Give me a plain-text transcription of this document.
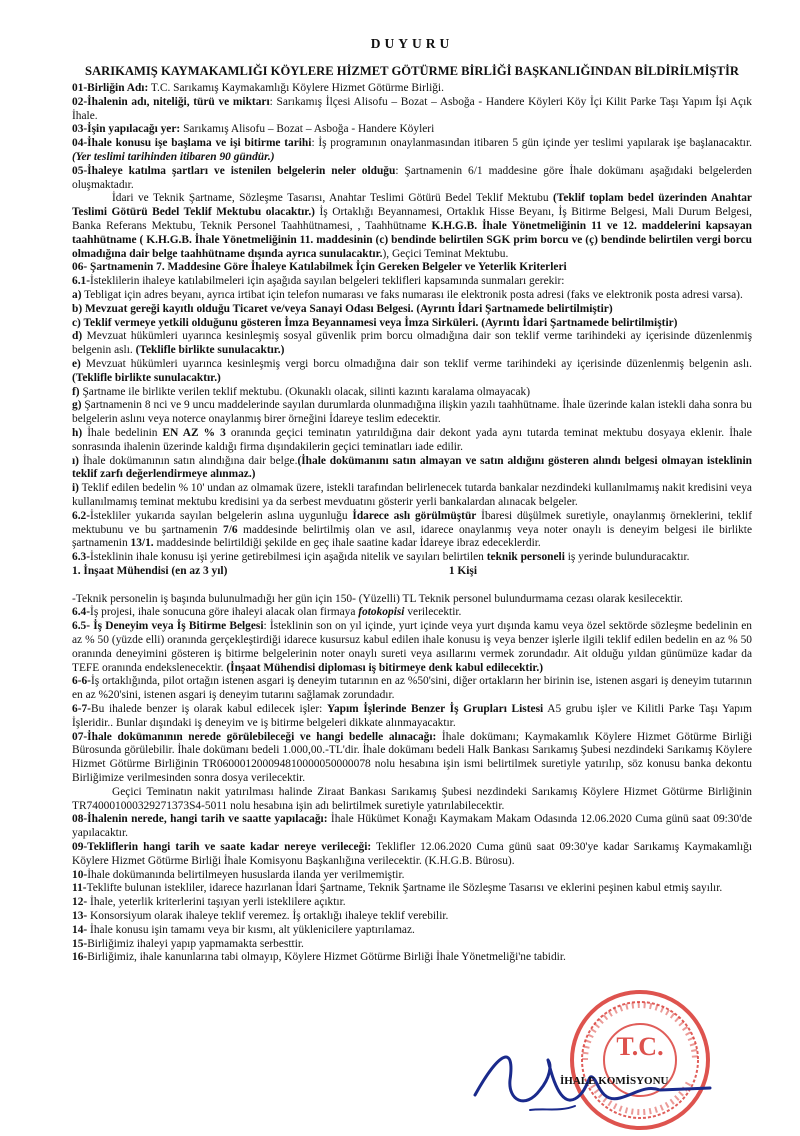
DUYURU
SARIKAMIŞ KAYMAKAMLIĞI KÖYLERE HİZMET GÖTÜRME BİRLİĞİ BAŞKANLIĞINDAN BİLDİRİLMİŞTİR

01-Birliğin Adı: T.C. Sarıkamış Kaymakamlığı Köylere Hizmet Götürme Birliği.

02-İhalenin adı, niteliği, türü ve miktarı: Sarıkamış İlçesi Alisofu – Bozat – Asboğa - Handere Köyleri Köy İçi Kilit Parke Taşı Yapım İşi Açık İhale.

03-İşin yapılacağı yer: Sarıkamış Alisofu – Bozat – Asboğa - Handere Köyleri

04-İhale konusu işe başlama ve işi bitirme tarihi: İş programının onaylanmasından itibaren 5 gün içinde yer teslimi yapılarak işe başlanacaktır. (Yer teslimi tarihinden itibaren 90 gündür.)

05-İhaleye katılma şartları ve istenilen belgelerin neler olduğu: Şartnamenin 6/1 maddesine göre İhale dokümanı aşağıdaki belgelerden oluşmaktadır.

İdari ve Teknik Şartname, Sözleşme Tasarısı, Anahtar Teslimi Götürü Bedel Teklif Mektubu (Teklif toplam bedel üzerinden Anahtar Teslimi Götürü Bedel Teklif Mektubu olacaktır.) İş Ortaklığı Beyannamesi, Ortaklık Hisse Beyanı, İş Bitirme Belgesi, Mali Durum Belgesi, Banka Referans Mektubu, Teknik Personel Taahhütnamesi, , Taahhütname K.H.G.B. İhale Yönetmeliğinin 11 ve 12. maddelerini kapsayan taahhütname ( K.H.G.B. İhale Yönetmeliğinin 11. maddesinin (c) bendinde belirtilen SGK prim borcu ve (ç) bendinde belirtilen vergi borcu olmadığına dair belge taahhütname dışında ayrıca sunulacaktır.), Geçici Teminat Mektubu.

06- Şartnamenin 7. Maddesine Göre İhaleye Katılabilmek İçin Gereken Belgeler ve Yeterlik Kriterleri

6.1-İsteklilerin ihaleye katılabilmeleri için aşağıda sayılan belgeleri teklifleri kapsamında sunmaları gerekir:

a) Tebligat için adres beyanı, ayrıca irtibat için telefon numarası ve faks numarası ile elektronik posta adresi (faks ve elektronik posta adresi varsa).

b) Mevzuat gereği kayıtlı olduğu Ticaret ve/veya Sanayi Odası Belgesi. (Ayrıntı İdari Şartnamede belirtilmiştir)

c) Teklif vermeye yetkili olduğunu gösteren İmza Beyannamesi veya İmza Sirküleri. (Ayrıntı İdari Şartnamede belirtilmiştir)

d) Mevzuat hükümleri uyarınca kesinleşmiş sosyal güvenlik prim borcu olmadığına dair son teklif verme tarihindeki ay içerisinde düzenlenmiş belgenin aslı. (Teklifle birlikte sunulacaktır.)

e) Mevzuat hükümleri uyarınca kesinleşmiş vergi borcu olmadığına dair son teklif verme tarihindeki ay içerisinde düzenlenmiş belgenin aslı. (Teklifle birlikte sunulacaktır.)

f) Şartname ile birlikte verilen teklif mektubu. (Okunaklı olacak, silinti kazıntı karalama olmayacak)

g) Şartnamenin 8 nci ve 9 uncu maddelerinde sayılan durumlarda olunmadığına ilişkin yazılı taahhütname. İhale üzerinde kalan istekli daha sonra bu belgelerin aslını veya noterce onaylanmış birer örneğini İdareye teslim edecektir.

h) İhale bedelinin EN AZ % 3 oranında geçici teminatın yatırıldığına dair dekont yada aynı tutarda teminat mektubu dosyaya eklenir. İhale sonrasında ihalenin üzerinde kaldığı firma dışındakilerin geçici teminatları iade edilir.

ı) İhale dokümanının satın alındığına dair belge.(İhale dokümanını satın almayan ve satın aldığını gösteren alındı belgesi olmayan isteklinin teklif zarfı değerlendirmeye alınmaz.)

i) Teklif edilen bedelin % 10' undan az olmamak üzere, istekli tarafından belirlenecek tutarda bankalar nezdindeki kullanılmamış nakit kredisini veya kullanılmamış teminat mektubu kredisini ya da serbest mevduatını gösterir yerli bankalardan alınacak belgeler.

6.2-İstekliler yukarıda sayılan belgelerin aslına uygunluğu İdarece aslı görülmüştür İbaresi düşülmek suretiyle, onaylanmış örneklerini, teklif mektubunu ve bu şartnamenin 7/6 maddesinde belirtilmiş olan ve asıl, idarece onaylanmış veya noter onaylı is deneyim belgesi ile birlikte şartnamenin 13/1. maddesinde belirtildiği şekilde en geç ihale saatine kadar İdareye ibraz edeceklerdir.

6.3-İsteklinin ihale konusu işi yerine getirebilmesi için aşağıda nitelik ve sayıları belirtilen teknik personeli iş yerinde bulunduracaktır.

1. İnşaat Mühendisi (en az 3 yıl)	1 Kişi

-Teknik personelin iş başında bulunulmadığı her gün için 150- (Yüzelli) TL Teknik personel bulundurmama cezası olarak kesilecektir.

6.4-İş projesi, ihale sonucuna göre ihaleyi alacak olan firmaya fotokopisi verilecektir.

6.5- İş Deneyim veya İş Bitirme Belgesi: İsteklinin son on yıl içinde, yurt içinde veya yurt dışında kamu veya özel sektörde sözleşme bedelinin en az % 50 (yüzde elli) oranında gerçekleştirdiği idarece kusursuz kabul edilen ihale konusu iş veya benzer işlerle ilgili teklif edilen bedelin en az % 50 oranında deneyimini gösteren iş bitirme belgelerinin noter onaylı sureti veya asıllarını vermek zorundadır. Ait olduğu yıldan günümüze kadar da TEFE oranında endekslenecektir. (İnşaat Mühendisi diploması iş bitirmeye denk kabul edilecektir.)

6-6-İş ortaklığında, pilot ortağın istenen asgari iş deneyim tutarının en az %50'sini, diğer ortakların her birinin ise, istenen asgari iş deneyim tutarının en az %20'sini, istenen asgari iş deneyim tutarını sağlamak zorundadır.

6-7-Bu ihalede benzer iş olarak kabul edilecek işler: Yapım İşlerinde Benzer İş Grupları Listesi A5 grubu işler ve Kilitli Parke Taşı Yapım İşleridir.. Bunlar dışındaki iş deneyim ve iş bitirme belgeleri dikkate alınmayacaktır.

07-İhale dokümanının nerede görülebileceği ve hangi bedelle alınacağı: İhale dokümanı; Kaymakamlık Köylere Hizmet Götürme Birliği Bürosunda görülebilir. İhale dokümanı bedeli 1.000,00.-TL'dir. İhale dokümanı bedeli Halk Bankası Sarıkamış Şubesi nezdindeki Sarıkamış Köylere Hizmet Götürme Birliğinin TR060001200094810000050000078 nolu hesabına işin ismi belirtilmek suretiyle yatırılıp, söz konusu banka dekontu Birliğimize verilmesinden sonra dosya verilecektir.

Geçici Teminatın nakit yatırılması halinde Ziraat Bankası Sarıkamış Şubesi nezdindeki Sarıkamış Köylere Hizmet Götürme Birliğinin TR740001000329271373S4-5011 nolu hesabına işin adı belirtilmek suretiyle yatırılabilecektir.

08-İhalenin nerede, hangi tarih ve saatte yapılacağı: İhale Hükümet Konağı Kaymakam Makam Odasında 12.06.2020 Cuma günü saat 09:30'de yapılacaktır.

09-Tekliflerin hangi tarih ve saate kadar nereye verileceği: Teklifler 12.06.2020 Cuma günü saat 09:30'ye kadar Sarıkamış Kaymakamlığı Köylere Hizmet Götürme Birliği İhale Komisyonu Başkanlığına verilecektir. (K.H.G.B. Bürosu).

10-İhale dokümanında belirtilmeyen hususlarda ilanda yer verilmemiştir.

11-Teklifte bulunan istekliler, idarece hazırlanan İdari Şartname, Teknik Şartname ile Sözleşme Tasarısı ve eklerini peşinen kabul etmiş sayılır.

12- İhale, yeterlik kriterlerini taşıyan yerli isteklilere açıktır.

13- Konsorsiyum olarak ihaleye teklif veremez. İş ortaklığı ihaleye teklif verebilir.

14- İhale konusu işin tamamı veya bir kısmı, alt yüklenicilere yaptırılamaz.

15-Birliğimiz ihaleyi yapıp yapmamakta serbesttir.

16-Birliğimiz, ihale kanunlarına tabi olmayıp, Köylere Hizmet Götürme Birliği İhale Yönetmeliği'ne tabidir.

T.C.
İHALE KOMİSYONU
